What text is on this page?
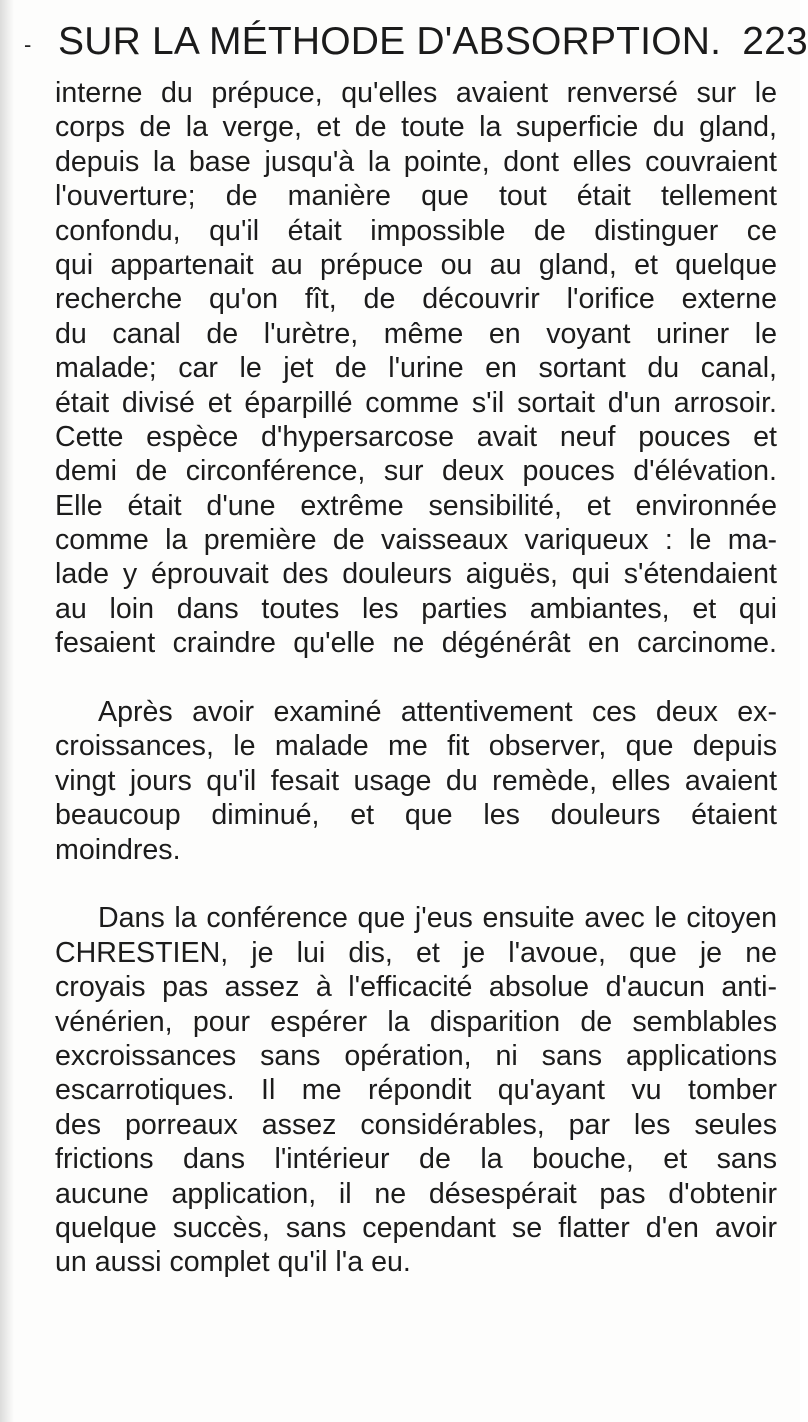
- SUR LA MÉTHODE D'ABSORPTION. 223
interne du prépuce, qu'elles avaient renversé sur le
corps de la verge, et de toute la superficie du gland,
depuis la base jusqu'à la pointe, dont elles couvraient
l'ouverture; de manière que tout était tellement
confondu, qu'il était impossible de distinguer ce
qui appartenait au prépuce ou au gland, et quelque
recherche qu'on fît, de découvrir l'orifice externe
du canal de l'urètre, même en voyant uriner le
malade; car le jet de l'urine en sortant du canal,
était divisé et éparpillé comme s'il sortait d'un arrosoir.
Cette espèce d'hypersarcose avait neuf pouces et
demi de circonférence, sur deux pouces d'élévation.
Elle était d'une extrême sensibilité, et environnée
comme la première de vaisseaux variqueux : le ma-
lade y éprouvait des douleurs aiguës, qui s'étendaient
au loin dans toutes les parties ambiantes, et qui
fesaient craindre qu'elle ne dégénérât en carcinome.
Après avoir examiné attentivement ces deux ex-
croissances, le malade me fit observer, que depuis
vingt jours qu'il fesait usage du remède, elles avaient
beaucoup diminué, et que les douleurs étaient
moindres.
Dans la conférence que j'eus ensuite avec le citoyen
CHRESTIEN, je lui dis, et je l'avoue, que je ne
croyais pas assez à l'efficacité absolue d'aucun anti-
vénérien, pour espérer la disparition de semblables
excroissances sans opération, ni sans applications
escarrotiques. Il me répondit qu'ayant vu tomber
des porreaux assez considérables, par les seules
frictions dans l'intérieur de la bouche, et sans
aucune application, il ne désespérait pas d'obtenir
quelque succès, sans cependant se flatter d'en avoir
un aussi complet qu'il l'a eu.
